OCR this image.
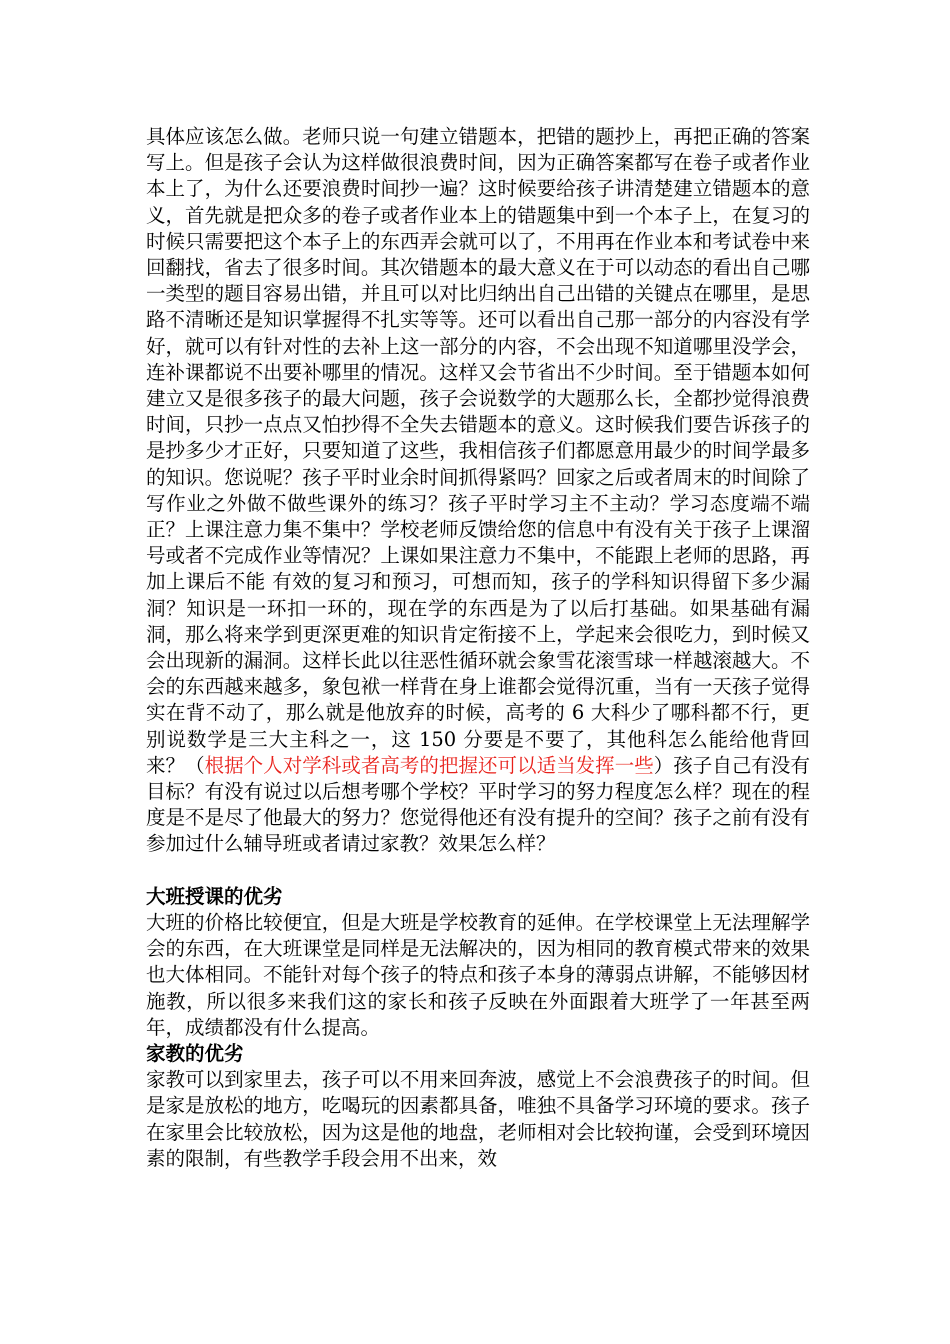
具体应该怎么做。老师只说一句建立错题本，把错的题抄上，再把正确的答案写上。但是孩子会认为这样做很浪费时间，因为正确答案都写在卷子或者作业本上了，为什么还要浪费时间抄一遍？这时候要给孩子讲清楚建立错题本的意义，首先就是把众多的卷子或者作业本上的错题集中到一个本子上，在复习的时候只需要把这个本子上的东西弄会就可以了，不用再在作业本和考试卷中来回翻找，省去了很多时间。其次错题本的最大意义在于可以动态的看出自己哪一类型的题目容易出错，并且可以对比归纳出自己出错的关键点在哪里，是思路不清晰还是知识掌握得不扎实等等。还可以看出自己那一部分的内容没有学好，就可以有针对性的去补上这一部分的内容，不会出现不知道哪里没学会，连补课都说不出要补哪里的情况。这样又会节省出不少时间。至于错题本如何建立又是很多孩子的最大问题，孩子会说数学的大题那么长，全都抄觉得浪费时间，只抄一点点又怕抄得不全失去错题本的意义。这时候我们要告诉孩子的是抄多少才正好，只要知道了这些，我相信孩子们都愿意用最少的时间学最多的知识。您说呢？孩子平时业余时间抓得紧吗？回家之后或者周末的时间除了写作业之外做不做些课外的练习？孩子平时学习主不主动？学习态度端不端正？上课注意力集不集中？学校老师反馈给您的信息中有没有关于孩子上课溜号或者不完成作业等情况？上课如果注意力不集中，不能跟上老师的思路，再加上课后不能 有效的复习和预习，可想而知，孩子的学科知识得留下多少漏洞？知识是一环扣一环的，现在学的东西是为了以后打基础。如果基础有漏洞，那么将来学到更深更难的知识肯定衔接不上，学起来会很吃力，到时候又会出现新的漏洞。这样长此以往恶性循环就会象雪花滚雪球一样越滚越大。不会的东西越来越多，象包袱一样背在身上谁都会觉得沉重，当有一天孩子觉得实在背不动了，那么就是他放弃的时候，高考的 6 大科少了哪科都不行，更别说数学是三大主科之一，这 150 分要是不要了，其他科怎么能给他背回来？（根据个人对学科或者高考的把握还可以适当发挥一些）孩子自己有没有目标？有没有说过以后想考哪个学校？平时学习的努力程度怎么样？现在的程度是不是尽了他最大的努力？您觉得他还有没有提升的空间？孩子之前有没有参加过什么辅导班或者请过家教？效果怎么样？

大班授课的优劣

大班的价格比较便宜，但是大班是学校教育的延伸。在学校课堂上无法理解学会的东西，在大班课堂是同样是无法解决的，因为相同的教育模式带来的效果也大体相同。不能针对每个孩子的特点和孩子本身的薄弱点讲解，不能够因材施教，所以很多来我们这的家长和孩子反映在外面跟着大班学了一年甚至两年，成绩都没有什么提高。

家教的优劣

家教可以到家里去，孩子可以不用来回奔波，感觉上不会浪费孩子的时间。但是家是放松的地方，吃喝玩的因素都具备，唯独不具备学习环境的要求。孩子在家里会比较放松，因为这是他的地盘，老师相对会比较拘谨，会受到环境因素的限制，有些教学手段会用不出来，效
